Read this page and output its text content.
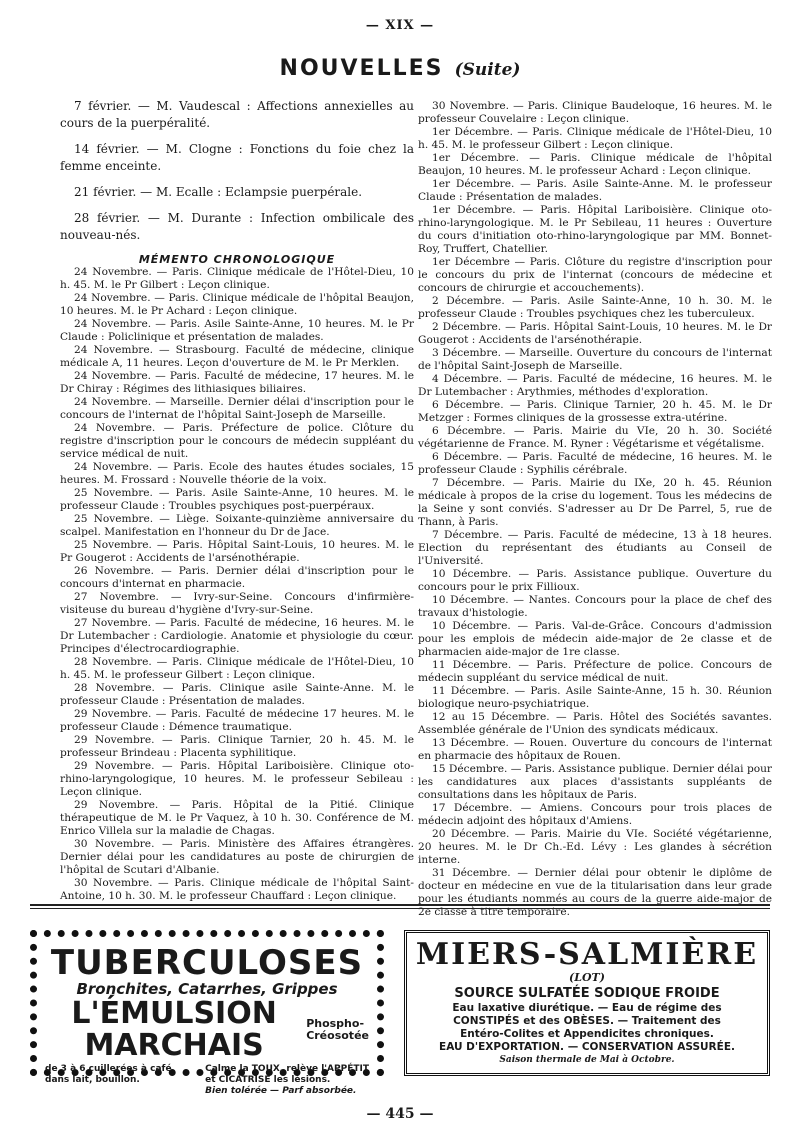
— XIX —
NOUVELLES (Suite)

7 février. — M. Vaudescal : Affections annexielles au cours de la puerpéralité.

14 février. — M. Clogne : Fonctions du foie chez la femme enceinte.

21 février. — M. Ecalle : Eclampsie puerpérale.

28 février. — M. Durante : Infection ombilicale des nouveau-nés.

MÉMENTO CHRONOLOGIQUE

24 Novembre. — Paris. Clinique médicale de l'Hôtel-Dieu, 10 h. 45. M. le Pr Gilbert : Leçon clinique.

24 Novembre. — Paris. Clinique médicale de l'hôpital Beaujon, 10 heures. M. le Pr Achard : Leçon clinique.

24 Novembre. — Paris. Asile Sainte-Anne, 10 heures. M. le Pr Claude : Policlinique et présentation de malades.

24 Novembre. — Strasbourg. Faculté de médecine, clinique médicale A, 11 heures. Leçon d'ouverture de M. le Pr Merklen.

24 Novembre. — Paris. Faculté de médecine, 17 heures. M. le Dr Chiray : Régimes des lithiasiques biliaires.

24 Novembre. — Marseille. Dernier délai d'inscription pour le concours de l'internat de l'hôpital Saint-Joseph de Marseille.

24 Novembre. — Paris. Préfecture de police. Clôture du registre d'inscription pour le concours de médecin suppléant du service médical de nuit.

24 Novembre. — Paris. Ecole des hautes études sociales, 15 heures. M. Frossard : Nouvelle théorie de la voix.

25 Novembre. — Paris. Asile Sainte-Anne, 10 heures. M. le professeur Claude : Troubles psychiques post-puerpéraux.

25 Novembre. — Liège. Soixante-quinzième anniversaire du scalpel. Manifestation en l'honneur du Dr de Jace.

25 Novembre. — Paris. Hôpital Saint-Louis, 10 heures. M. le Pr Gougerot : Accidents de l'arsénothérapie.

26 Novembre. — Paris. Dernier délai d'inscription pour le concours d'internat en pharmacie.

27 Novembre. — Ivry-sur-Seine. Concours d'infirmière-visiteuse du bureau d'hygiène d'Ivry-sur-Seine.

27 Novembre. — Paris. Faculté de médecine, 16 heures. M. le Dr Lutembacher : Cardiologie. Anatomie et physiologie du cœur. Principes d'électrocardiographie.

28 Novembre. — Paris. Clinique médicale de l'Hôtel-Dieu, 10 h. 45. M. le professeur Gilbert : Leçon clinique.

28 Novembre. — Paris. Clinique asile Sainte-Anne. M. le professeur Claude : Présentation de malades.

29 Novembre. — Paris. Faculté de médecine 17 heures. M. le professeur Claude : Démence traumatique.

29 Novembre. — Paris. Clinique Tarnier, 20 h. 45. M. le professeur Brindeau : Placenta syphilitique.

29 Novembre. — Paris. Hôpital Lariboisière. Clinique oto-rhino-laryngologique, 10 heures. M. le professeur Sebileau : Leçon clinique.

29 Novembre. — Paris. Hôpital de la Pitié. Clinique thérapeutique de M. le Pr Vaquez, à 10 h. 30. Conférence de M. Enrico Villela sur la maladie de Chagas.

30 Novembre. — Paris. Ministère des Affaires étrangères. Dernier délai pour les candidatures au poste de chirurgien de l'hôpital de Scutari d'Albanie.

30 Novembre. — Paris. Clinique médicale de l'hôpital Saint-Antoine, 10 h. 30. M. le professeur Chauffard : Leçon clinique.

30 Novembre. — Paris. Clinique Baudeloque, 16 heures. M. le professeur Couvelaire : Leçon clinique.

1er Décembre. — Paris. Clinique médicale de l'Hôtel-Dieu, 10 h. 45. M. le professeur Gilbert : Leçon clinique.

1er Décembre. — Paris. Clinique médicale de l'hôpital Beaujon, 10 heures. M. le professeur Achard : Leçon clinique.

1er Décembre. — Paris. Asile Sainte-Anne. M. le professeur Claude : Présentation de malades.

1er Décembre. — Paris. Hôpital Lariboisière. Clinique oto-rhino-laryngologique. M. le Pr Sebileau, 11 heures : Ouverture du cours d'initiation oto-rhino-laryngologique par MM. Bonnet-Roy, Truffert, Chatellier.

1er Décembre — Paris. Clôture du registre d'inscription pour le concours du prix de l'internat (concours de médecine et concours de chirurgie et accouchements).

2 Décembre. — Paris. Asile Sainte-Anne, 10 h. 30. M. le professeur Claude : Troubles psychiques chez les tuberculeux.

2 Décembre. — Paris. Hôpital Saint-Louis, 10 heures. M. le Dr Gougerot : Accidents de l'arsénothérapie.

3 Décembre. — Marseille. Ouverture du concours de l'internat de l'hôpital Saint-Joseph de Marseille.

4 Décembre. — Paris. Faculté de médecine, 16 heures. M. le Dr Lutembacher : Arythmies, méthodes d'exploration.

6 Décembre. — Paris. Clinique Tarnier, 20 h. 45. M. le Dr Metzger : Formes cliniques de la grossesse extra-utérine.

6 Décembre. — Paris. Mairie du VIe, 20 h. 30. Société végétarienne de France. M. Ryner : Végétarisme et végétalisme.

6 Décembre. — Paris. Faculté de médecine, 16 heures. M. le professeur Claude : Syphilis cérébrale.

7 Décembre. — Paris. Mairie du IXe, 20 h. 45. Réunion médicale à propos de la crise du logement. Tous les médecins de la Seine y sont conviés. S'adresser au Dr De Parrel, 5, rue de Thann, à Paris.

7 Décembre. — Paris. Faculté de médecine, 13 à 18 heures. Election du représentant des étudiants au Conseil de l'Université.

10 Décembre. — Paris. Assistance publique. Ouverture du concours pour le prix Fillioux.

10 Décembre. — Nantes. Concours pour la place de chef des travaux d'histologie.

10 Décembre. — Paris. Val-de-Grâce. Concours d'admission pour les emplois de médecin aide-major de 2e classe et de pharmacien aide-major de 1re classe.

11 Décembre. — Paris. Préfecture de police. Concours de médecin suppléant du service médical de nuit.

11 Décembre. — Paris. Asile Sainte-Anne, 15 h. 30. Réunion biologique neuro-psychiatrique.

12 au 15 Décembre. — Paris. Hôtel des Sociétés savantes. Assemblée générale de l'Union des syndicats médicaux.

13 Décembre. — Rouen. Ouverture du concours de l'internat en pharmacie des hôpitaux de Rouen.

15 Décembre. — Paris. Assistance publique. Dernier délai pour les candidatures aux places d'assistants suppléants de consultations dans les hôpitaux de Paris.

17 Décembre. — Amiens. Concours pour trois places de médecin adjoint des hôpitaux d'Amiens.

20 Décembre. — Paris. Mairie du VIe. Société végétarienne, 20 heures. M. le Dr Ch.-Ed. Lévy : Les glandes à sécrétion interne.

31 Décembre. — Dernier délai pour obtenir le diplôme de docteur en médecine en vue de la titularisation dans leur grade pour les étudiants nommés au cours de la guerre aide-major de 2e classe à titre temporaire.

TUBERCULOSES
Bronchites, Catarrhes, Grippes
L'ÉMULSION MARCHAIS
Phospho-
Créosotée
de 3 à 6 cuillerées à café
dans lait, bouillon.
Calme la TOUX, relève l'APPÉTIT
et CICATRISE les lésions.
Bien tolérée — Parf absorbée.
MIERS-SALMIÈRE
(LOT)
SOURCE SULFATÉE SODIQUE FROIDE
Eau laxative diurétique. — Eau de régime des
CONSTIPÉS et des OBÈSES. — Traitement des
Entéro-Colites et Appendicites chroniques.
EAU D'EXPORTATION. — CONSERVATION ASSURÉE.
Saison thermale de Mai à Octobre.
— 445 —
